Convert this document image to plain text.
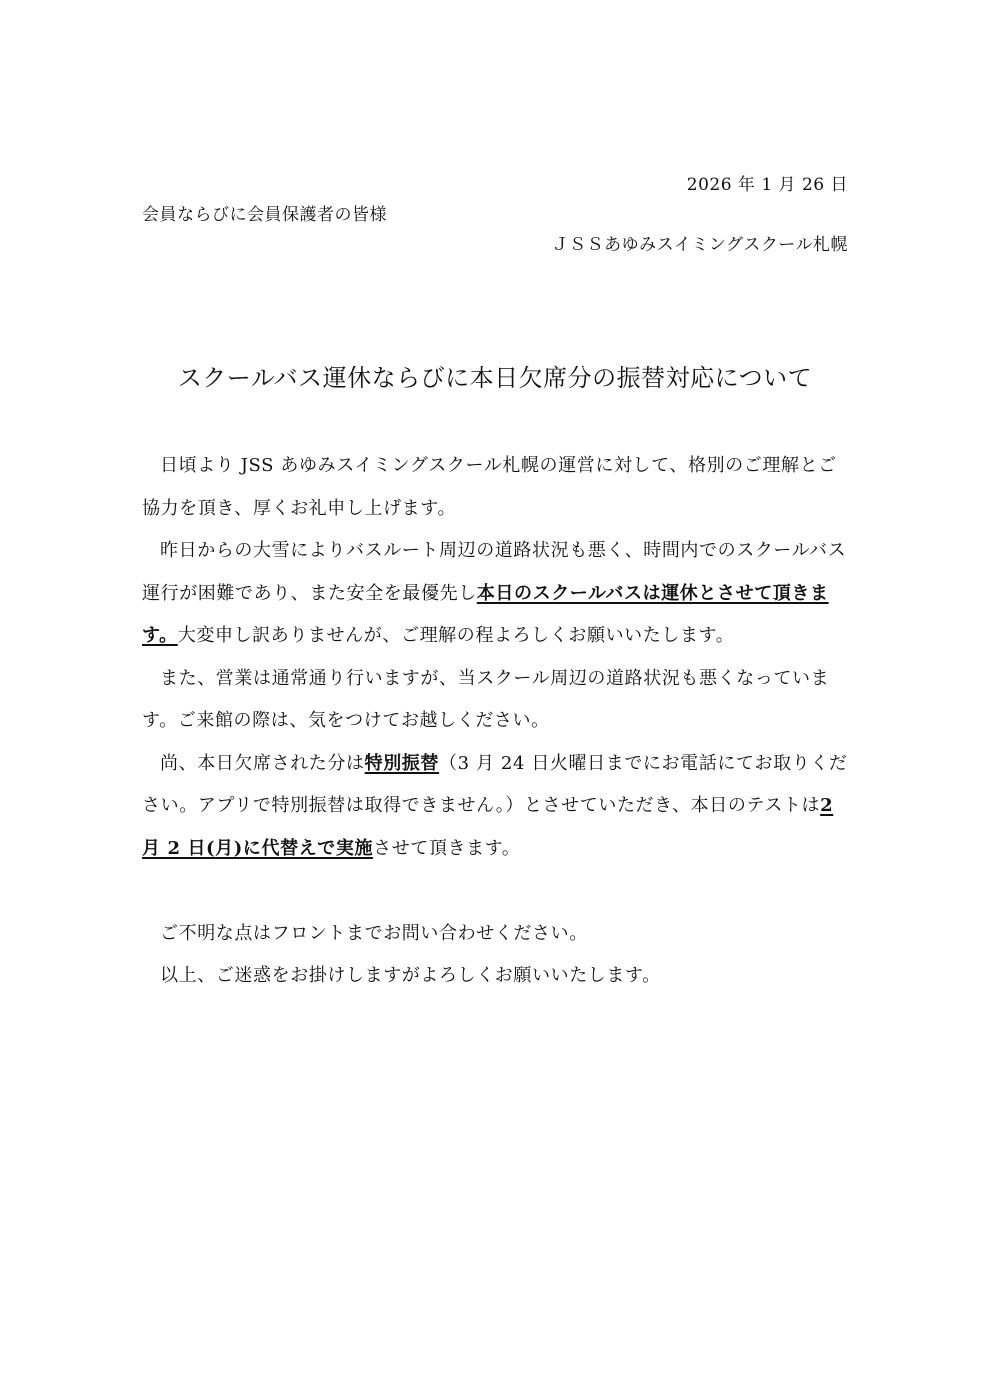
2026 年 1 月 26 日
会員ならびに会員保護者の皆様
ＪＳＳあゆみスイミングスクール札幌
スクールバス運休ならびに本日欠席分の振替対応について

日頃より JSS あゆみスイミングスクール札幌の運営に対して、格別のご理解とご協力を頂き、厚くお礼申し上げます。

昨日からの大雪によりバスルート周辺の道路状況も悪く、時間内でのスクールバス運行が困難であり、また安全を最優先し本日のスクールバスは運休とさせて頂きます。大変申し訳ありませんが、ご理解の程よろしくお願いいたします。

また、営業は通常通り行いますが、当スクール周辺の道路状況も悪くなっています。ご来館の際は、気をつけてお越しください。

尚、本日欠席された分は特別振替（3 月 24 日火曜日までにお電話にてお取りください。アプリで特別振替は取得できません。）とさせていただき、本日のテストは2 月 2 日(月)に代替えで実施させて頂きます。

ご不明な点はフロントまでお問い合わせください。

以上、ご迷惑をお掛けしますがよろしくお願いいたします。
